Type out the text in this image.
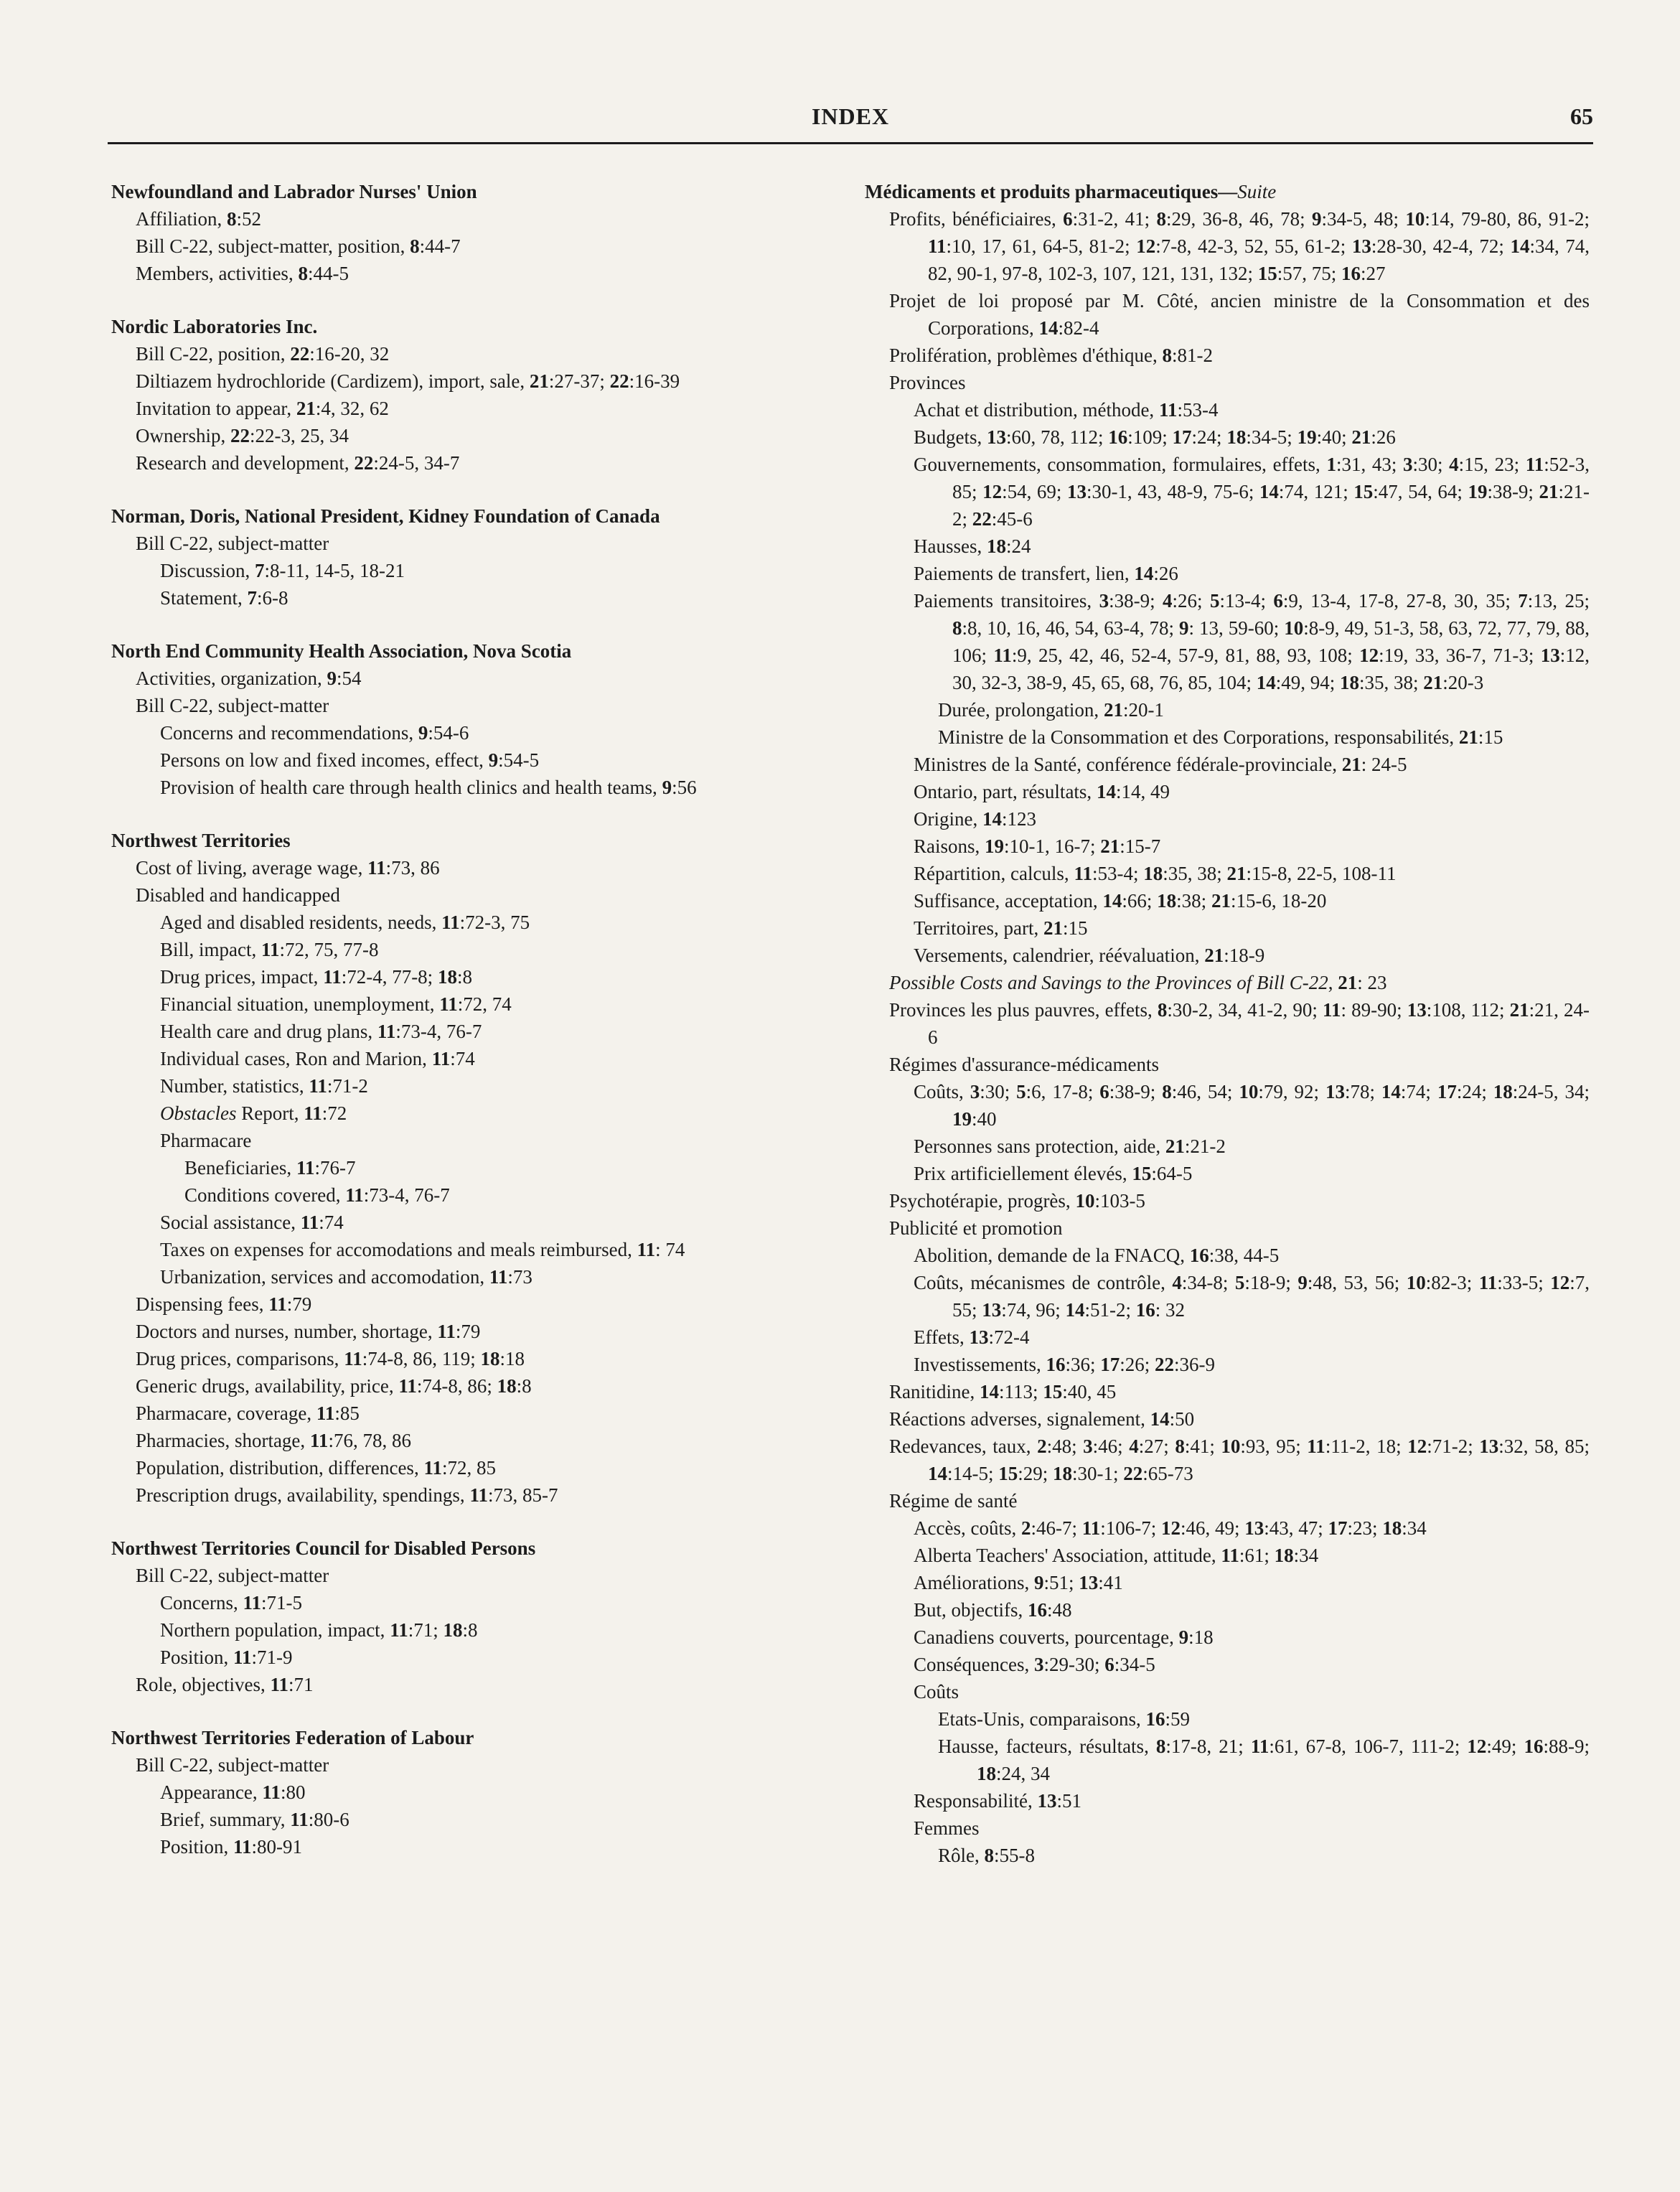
INDEX	65
Newfoundland and Labrador Nurses' Union
Affiliation, 8:52
Bill C-22, subject-matter, position, 8:44-7
Members, activities, 8:44-5
Nordic Laboratories Inc.
Bill C-22, position, 22:16-20, 32
Diltiazem hydrochloride (Cardizem), import, sale, 21:27-37; 22:16-39
Invitation to appear, 21:4, 32, 62
Ownership, 22:22-3, 25, 34
Research and development, 22:24-5, 34-7
Norman, Doris, National President, Kidney Foundation of Canada
Bill C-22, subject-matter
Discussion, 7:8-11, 14-5, 18-21
Statement, 7:6-8
North End Community Health Association, Nova Scotia
Activities, organization, 9:54
Bill C-22, subject-matter
Concerns and recommendations, 9:54-6
Persons on low and fixed incomes, effect, 9:54-5
Provision of health care through health clinics and health teams, 9:56
Northwest Territories
Cost of living, average wage, 11:73, 86
Disabled and handicapped
Aged and disabled residents, needs, 11:72-3, 75
Bill, impact, 11:72, 75, 77-8
Drug prices, impact, 11:72-4, 77-8; 18:8
Financial situation, unemployment, 11:72, 74
Health care and drug plans, 11:73-4, 76-7
Individual cases, Ron and Marion, 11:74
Number, statistics, 11:71-2
Obstacles Report, 11:72
Pharmacare
Beneficiaries, 11:76-7
Conditions covered, 11:73-4, 76-7
Social assistance, 11:74
Taxes on expenses for accomodations and meals reimbursed, 11: 74
Urbanization, services and accomodation, 11:73
Dispensing fees, 11:79
Doctors and nurses, number, shortage, 11:79
Drug prices, comparisons, 11:74-8, 86, 119; 18:18
Generic drugs, availability, price, 11:74-8, 86; 18:8
Pharmacare, coverage, 11:85
Pharmacies, shortage, 11:76, 78, 86
Population, distribution, differences, 11:72, 85
Prescription drugs, availability, spendings, 11:73, 85-7
Northwest Territories Council for Disabled Persons
Bill C-22, subject-matter
Concerns, 11:71-5
Northern population, impact, 11:71; 18:8
Position, 11:71-9
Role, objectives, 11:71
Northwest Territories Federation of Labour
Bill C-22, subject-matter
Appearance, 11:80
Brief, summary, 11:80-6
Position, 11:80-91
Médicaments et produits pharmaceutiques—Suite
Profits, bénéficiaires, 6:31-2, 41; 8:29, 36-8, 46, 78; 9:34-5, 48; 10:14, 79-80, 86, 91-2; 11:10, 17, 61, 64-5, 81-2; 12:7-8, 42-3, 52, 55, 61-2; 13:28-30, 42-4, 72; 14:34, 74, 82, 90-1, 97-8, 102-3, 107, 121, 131, 132; 15:57, 75; 16:27
Projet de loi proposé par M. Côté, ancien ministre de la Consommation et des Corporations, 14:82-4
Prolifération, problèmes d'éthique, 8:81-2
Provinces
Achat et distribution, méthode, 11:53-4
Budgets, 13:60, 78, 112; 16:109; 17:24; 18:34-5; 19:40; 21:26
Gouvernements, consommation, formulaires, effets, 1:31, 43; 3:30; 4:15, 23; 11:52-3, 85; 12:54, 69; 13:30-1, 43, 48-9, 75-6; 14:74, 121; 15:47, 54, 64; 19:38-9; 21:21-2; 22:45-6
Hausses, 18:24
Paiements de transfert, lien, 14:26
Paiements transitoires, 3:38-9; 4:26; 5:13-4; 6:9, 13-4, 17-8, 27-8, 30, 35; 7:13, 25; 8:8, 10, 16, 46, 54, 63-4, 78; 9: 13, 59-60; 10:8-9, 49, 51-3, 58, 63, 72, 77, 79, 88, 106; 11:9, 25, 42, 46, 52-4, 57-9, 81, 88, 93, 108; 12:19, 33, 36-7, 71-3; 13:12, 30, 32-3, 38-9, 45, 65, 68, 76, 85, 104; 14:49, 94; 18:35, 38; 21:20-3
Durée, prolongation, 21:20-1
Ministre de la Consommation et des Corporations, responsabilités, 21:15
Ministres de la Santé, conférence fédérale-provinciale, 21: 24-5
Ontario, part, résultats, 14:14, 49
Origine, 14:123
Raisons, 19:10-1, 16-7; 21:15-7
Répartition, calculs, 11:53-4; 18:35, 38; 21:15-8, 22-5, 108-11
Suffisance, acceptation, 14:66; 18:38; 21:15-6, 18-20
Territoires, part, 21:15
Versements, calendrier, réévaluation, 21:18-9
Possible Costs and Savings to the Provinces of Bill C-22, 21: 23
Provinces les plus pauvres, effets, 8:30-2, 34, 41-2, 90; 11: 89-90; 13:108, 112; 21:21, 24-6
Régimes d'assurance-médicaments
Coûts, 3:30; 5:6, 17-8; 6:38-9; 8:46, 54; 10:79, 92; 13:78; 14:74; 17:24; 18:24-5, 34; 19:40
Personnes sans protection, aide, 21:21-2
Prix artificiellement élevés, 15:64-5
Psychotérapie, progrès, 10:103-5
Publicité et promotion
Abolition, demande de la FNACQ, 16:38, 44-5
Coûts, mécanismes de contrôle, 4:34-8; 5:18-9; 9:48, 53, 56; 10:82-3; 11:33-5; 12:7, 55; 13:74, 96; 14:51-2; 16: 32
Effets, 13:72-4
Investissements, 16:36; 17:26; 22:36-9
Ranitidine, 14:113; 15:40, 45
Réactions adverses, signalement, 14:50
Redevances, taux, 2:48; 3:46; 4:27; 8:41; 10:93, 95; 11:11-2, 18; 12:71-2; 13:32, 58, 85; 14:14-5; 15:29; 18:30-1; 22:65-73
Régime de santé
Accès, coûts, 2:46-7; 11:106-7; 12:46, 49; 13:43, 47; 17:23; 18:34
Alberta Teachers' Association, attitude, 11:61; 18:34
Améliorations, 9:51; 13:41
But, objectifs, 16:48
Canadiens couverts, pourcentage, 9:18
Conséquences, 3:29-30; 6:34-5
Coûts
Etats-Unis, comparaisons, 16:59
Hausse, facteurs, résultats, 8:17-8, 21; 11:61, 67-8, 106-7, 111-2; 12:49; 16:88-9; 18:24, 34
Responsabilité, 13:51
Femmes
Rôle, 8:55-8
